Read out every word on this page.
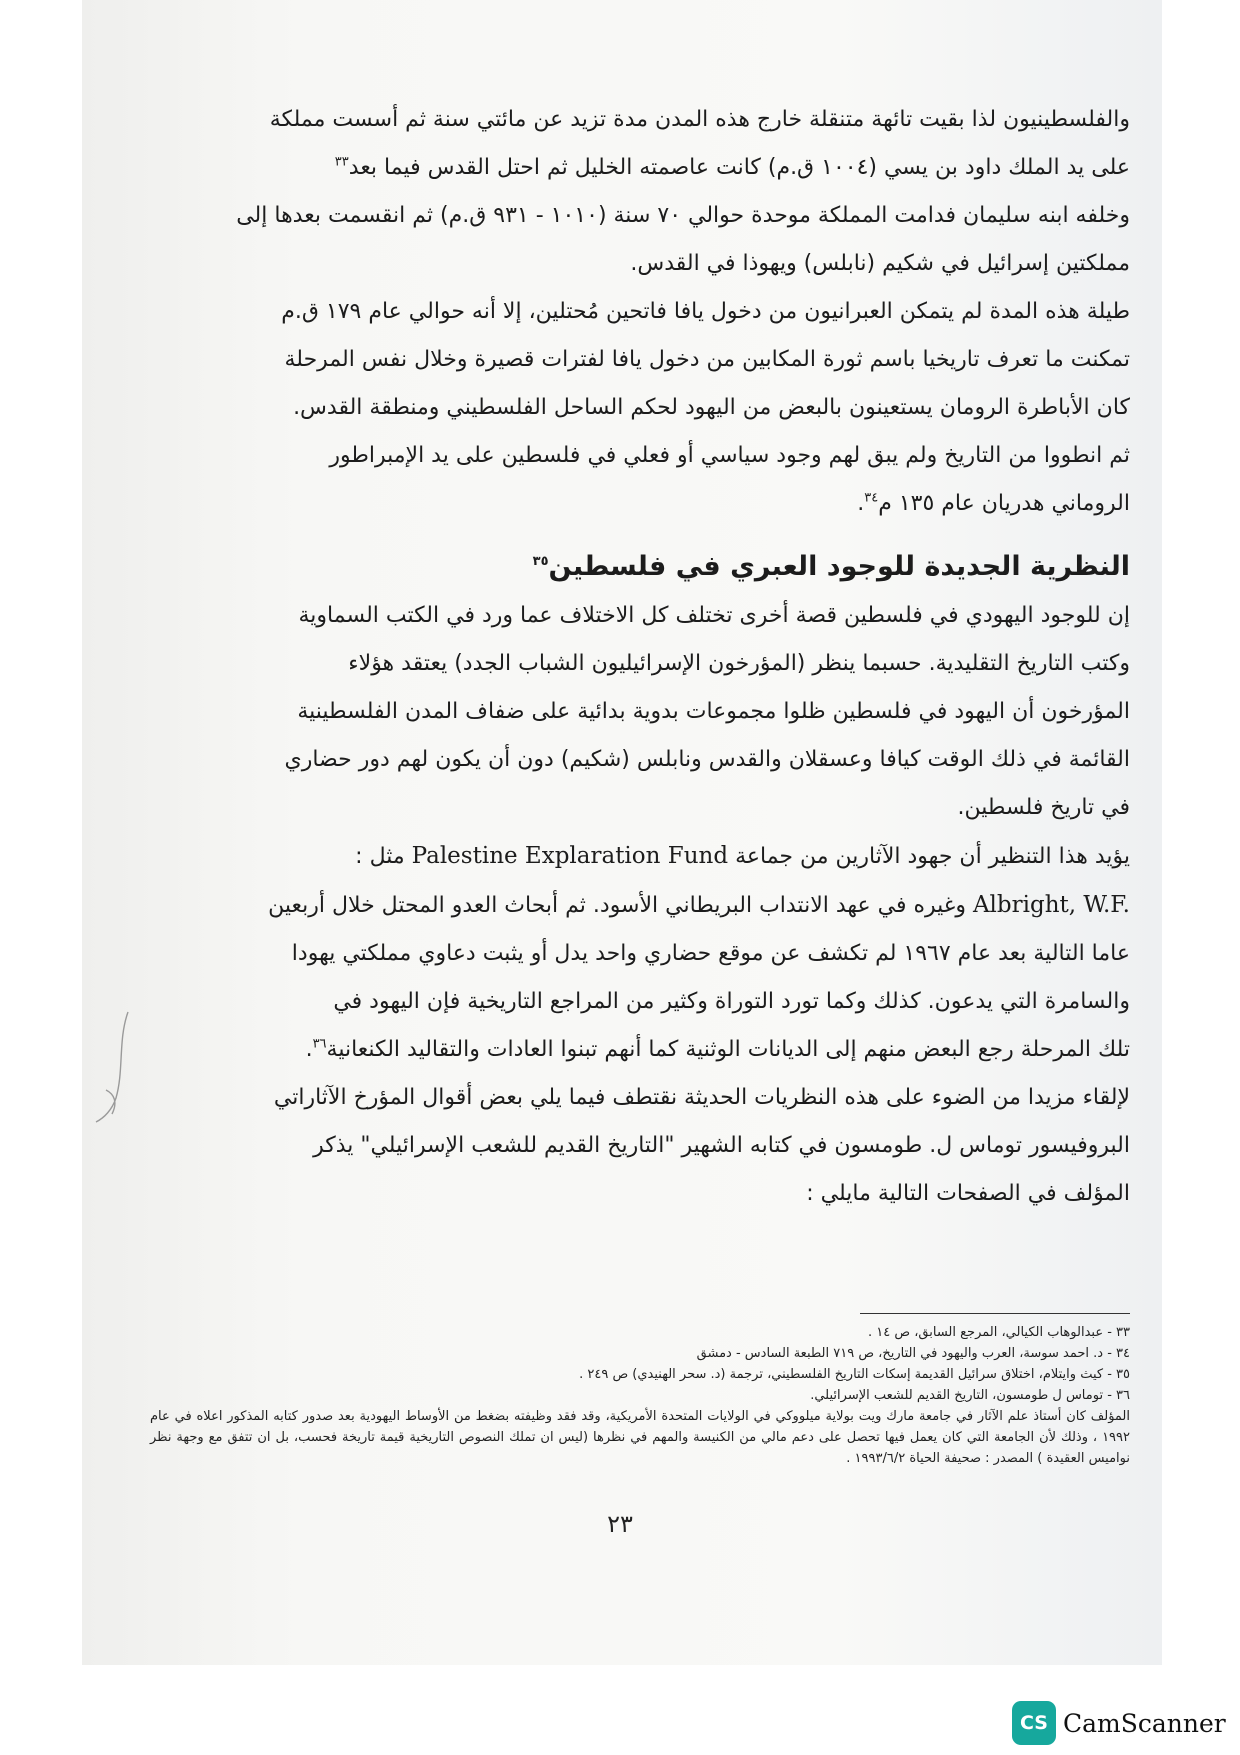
والفلسطينيون لذا بقيت تائهة متنقلة خارج هذه المدن مدة تزيد عن مائتي سنة ثم أسست مملكة
على يد الملك داود بن يسي (١٠٠٤ ق.م) كانت عاصمته الخليل ثم احتل القدس فيما بعد$^{٣٣}$
وخلفه ابنه سليمان فدامت المملكة موحدة حوالي ٧٠ سنة (١٠١٠ - ٩٣١ ق.م) ثم انقسمت بعدها إلى
مملكتين إسرائيل في شكيم (نابلس) ويهوذا في القدس.

طيلة هذه المدة لم يتمكن العبرانيون من دخول يافا فاتحين مُحتلين، إلا أنه حوالي عام ١٧٩ ق.م
تمكنت ما تعرف تاريخيا باسم ثورة المكابين من دخول يافا لفترات قصيرة وخلال نفس المرحلة
كان الأباطرة الرومان يستعينون بالبعض من اليهود لحكم الساحل الفلسطيني ومنطقة القدس.

ثم انطووا من التاريخ ولم يبق لهم وجود سياسي أو فعلي في فلسطين على يد الإمبراطور
الروماني هدريان عام ١٣٥ م$^{٣٤}$.

النظرية الجديدة للوجود العبري في فلسطين$^{٣٥}$

إن للوجود اليهودي في فلسطين قصة أخرى تختلف كل الاختلاف عما ورد في الكتب السماوية
وكتب التاريخ التقليدية. حسبما ينظر (المؤرخون الإسرائيليون الشباب الجدد) يعتقد هؤلاء
المؤرخون أن اليهود في فلسطين ظلوا مجموعات بدوية بدائية على ضفاف المدن الفلسطينية
القائمة في ذلك الوقت كيافا وعسقلان والقدس ونابلس (شكيم) دون أن يكون لهم دور حضاري
في تاريخ فلسطين.

يؤيد هذا التنظير أن جهود الآثارين من جماعة Palestine Explaration Fund مثل :
Albright, W.F. وغيره في عهد الانتداب البريطاني الأسود. ثم أبحاث العدو المحتل خلال أربعين
عاما التالية بعد عام ١٩٦٧ لم تكشف عن موقع حضاري واحد يدل أو يثبت دعاوي مملكتي يهودا
والسامرة التي يدعون. كذلك وكما تورد التوراة وكثير من المراجع التاريخية فإن اليهود في
تلك المرحلة رجع البعض منهم إلى الديانات الوثنية كما أنهم تبنوا العادات والتقاليد الكنعانية$^{٣٦}$.

لإلقاء مزيدا من الضوء على هذه النظريات الحديثة نقتطف فيما يلي بعض أقوال المؤرخ الآثاراتي
البروفيسور توماس ل. طومسون في كتابه الشهير "التاريخ القديم للشعب الإسرائيلي" يذكر
المؤلف في الصفحات التالية مايلي :

٣٣ - عبدالوهاب الكيالي، المرجع السابق، ص ١٤ .

٣٤ - د. احمد سوسة، العرب واليهود في التاريخ، ص ٧١٩ الطبعة السادس - دمشق

٣٥ - كيث وايتلام، اختلاق سرائيل القديمة إسكات التاريخ الفلسطيني، ترجمة (د. سحر الهنيدي) ص ٢٤٩ .

٣٦ - توماس ل طومسون، التاريخ القديم للشعب الإسرائيلي.

المؤلف كان أستاذ علم الآثار في جامعة مارك ويت بولاية ميلووكي في الولايات المتحدة الأمريكية، وقد فقد وظيفته بضغط من الأوساط اليهودية بعد صدور كتابه المذكور اعلاه في عام ١٩٩٢ ، وذلك لأن الجامعة التي كان يعمل فيها تحصل على دعم مالي من الكنيسة والمهم في نظرها (ليس ان تملك النصوص التاريخية قيمة تاريخة فحسب، بل ان تتفق مع وجهة نظر نواميس العقيدة ) المصدر : صحيفة الحياة ١٩٩٣/٦/٢ .

٢٣
CS CamScanner
